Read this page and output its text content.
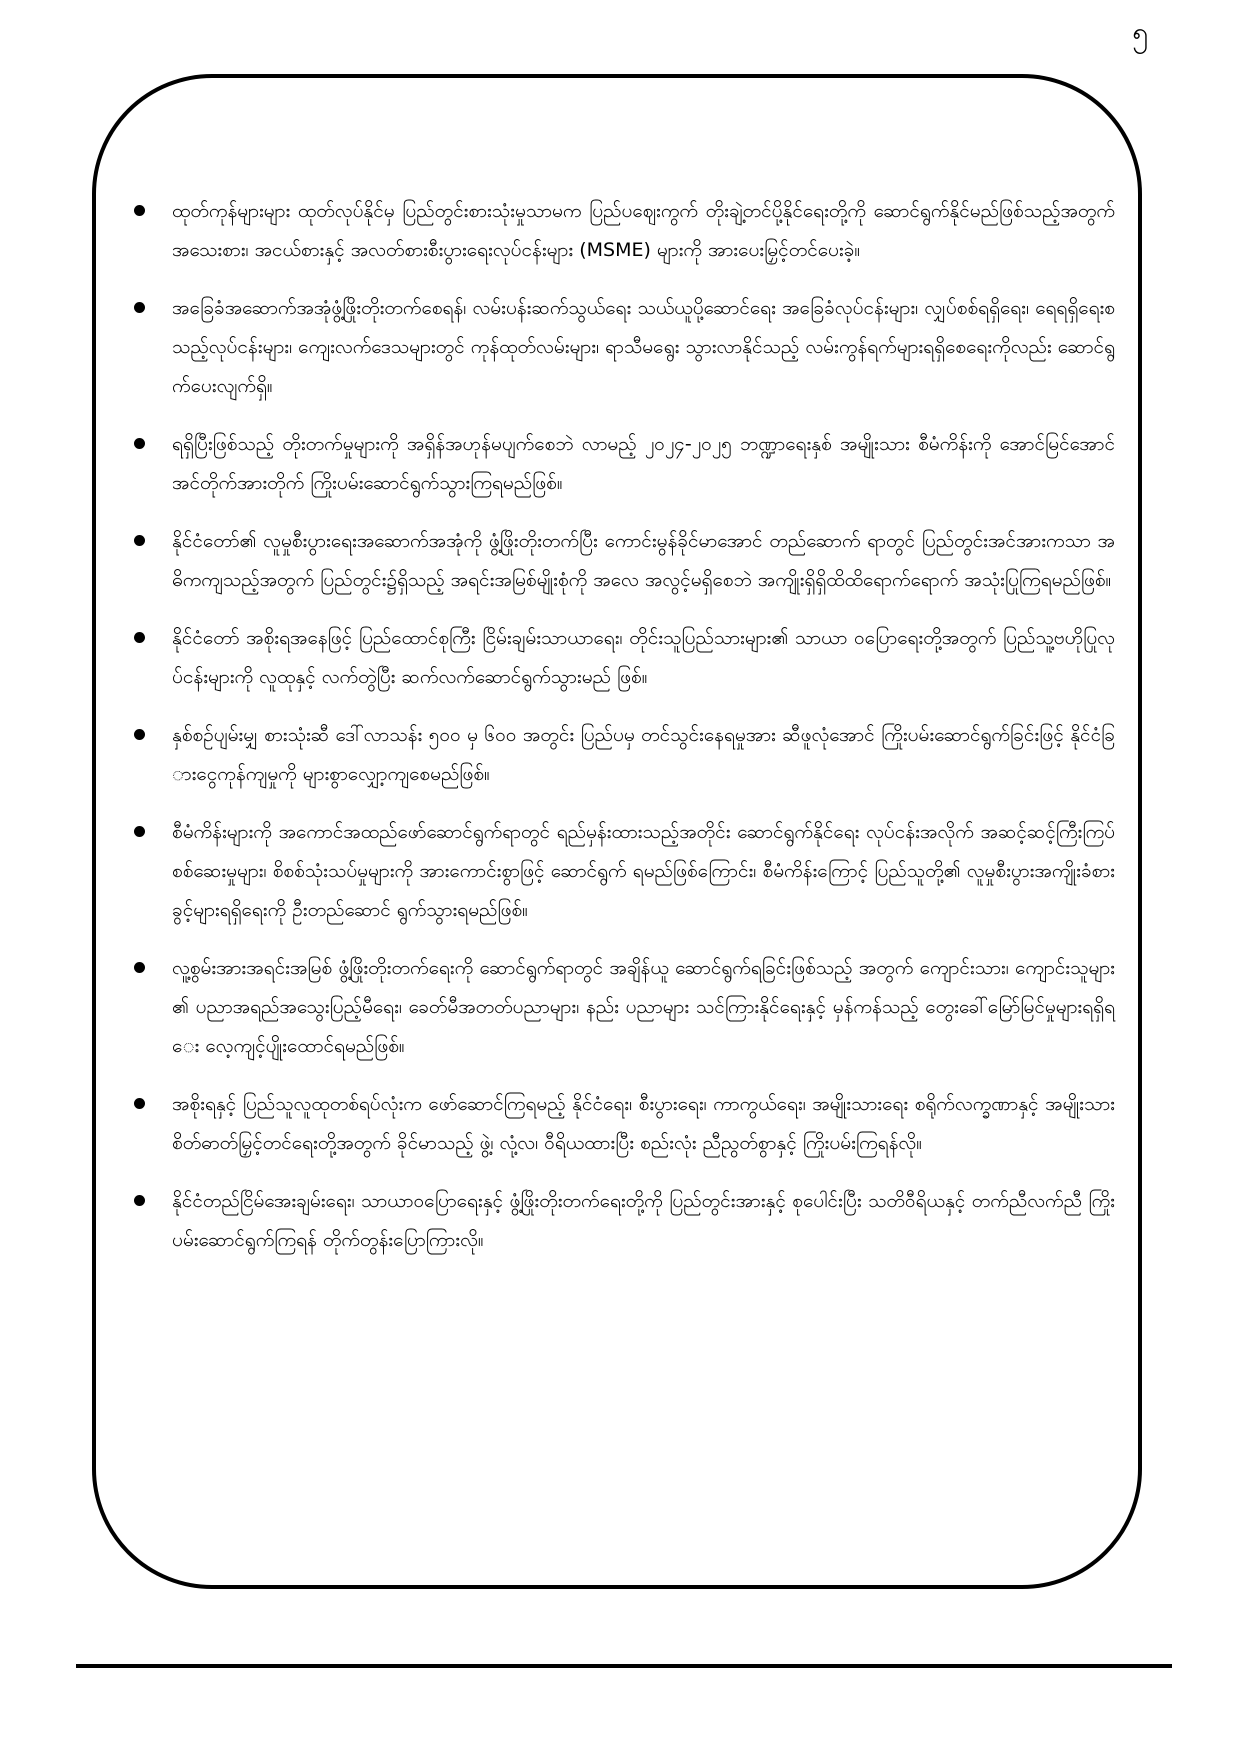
၅
ထုတ်ကုန်များများ ထုတ်လုပ်နိုင်မှ ပြည်တွင်းစားသုံးမှုသာမက ပြည်ပဈေးကွက် တိုးချဲ့တင်ပို့နိုင်ရေးတို့ကို ဆောင်ရွက်နိုင်မည်ဖြစ်သည့်အတွက် အသေးစား၊ အငယ်စားနှင့် အလတ်စားစီးပွားရေးလုပ်ငန်းများ (MSME) များကို အားပေးမြှင့်တင်ပေးခဲ့။
အခြေခံအဆောက်အအုံဖွံ့ဖြိုးတိုးတက်စေရန်၊ လမ်းပန်းဆက်သွယ်ရေး သယ်ယူပို့ဆောင်ရေး အခြေခံလုပ်ငန်းများ၊ လျှပ်စစ်ရရှိရေး၊ ရေရရှိရေးစသည့်လုပ်ငန်းများ၊ ကျေးလက်ဒေသများတွင် ကုန်ထုတ်လမ်းများ၊ ရာသီမရွေး သွားလာနိုင်သည့် လမ်းကွန်ရက်များရရှိစေရေးကိုလည်း ဆောင်ရွက်ပေးလျက်ရှိ။
ရရှိပြီးဖြစ်သည့် တိုးတက်မှုများကို အရှိန်အဟုန်မပျက်စေဘဲ လာမည့် ၂၀၂၄-၂၀၂၅ ဘဏ္ဍာရေးနှစ် အမျိုးသား စီမံကိန်းကို အောင်မြင်အောင် အင်တိုက်အားတိုက် ကြိုးပမ်းဆောင်ရွက်သွားကြရမည်ဖြစ်။
နိုင်ငံတော်၏ လူမှုစီးပွားရေးအဆောက်အအုံကို ဖွံ့ဖြိုးတိုးတက်ပြီး ကောင်းမွန်ခိုင်မာအောင် တည်ဆောက် ရာတွင် ပြည်တွင်းအင်အားကသာ အဓိကကျသည့်အတွက် ပြည်တွင်း၌ရှိသည့် အရင်းအမြစ်မျိုးစုံကို အလေ အလွင့်မရှိစေဘဲ အကျိုးရှိရှိထိထိရောက်ရောက် အသုံးပြုကြရမည်ဖြစ်။
နိုင်ငံတော် အစိုးရအနေဖြင့် ပြည်ထောင်စုကြီး ငြိမ်းချမ်းသာယာရေး၊ တိုင်းသူပြည်သားများ၏ သာယာ ဝပြောရေးတို့အတွက် ပြည်သူ့ဗဟိုပြုလုပ်ငန်းများကို လူထုနှင့် လက်တွဲပြီး ဆက်လက်ဆောင်ရွက်သွားမည် ဖြစ်။
နှစ်စဉ်ပျမ်းမျှ စားသုံးဆီ ဒေါ်လာသန်း ၅၀၀ မှ ၆၀၀ အတွင်း ပြည်ပမှ တင်သွင်းနေရမှုအား ဆီဖူလုံအောင် ကြိုးပမ်းဆောင်ရွက်ခြင်းဖြင့် နိုင်ငံခြားငွေကုန်ကျမှုကို များစွာလျှော့ကျစေမည်ဖြစ်။
စီမံကိန်းများကို အကောင်အထည်ဖော်ဆောင်ရွက်ရာတွင် ရည်မှန်းထားသည့်အတိုင်း ဆောင်ရွက်နိုင်ရေး လုပ်ငန်းအလိုက် အဆင့်ဆင့်ကြီးကြပ်စစ်ဆေးမှုများ၊ စိစစ်သုံးသပ်မှုများကို အားကောင်းစွာဖြင့် ဆောင်ရွက် ရမည်ဖြစ်ကြောင်း၊ စီမံကိန်းကြောင့် ပြည်သူတို့၏ လူမှုစီးပွားအကျိုးခံစားခွင့်များရရှိရေးကို ဦးတည်ဆောင် ရွက်သွားရမည်ဖြစ်။
လူ့စွမ်းအားအရင်းအမြစ် ဖွံ့ဖြိုးတိုးတက်ရေးကို ဆောင်ရွက်ရာတွင် အချိန်ယူ ဆောင်ရွက်ရခြင်းဖြစ်သည့် အတွက် ကျောင်းသား၊ ကျောင်းသူများ၏ ပညာအရည်အသွေးပြည့်မီရေး၊ ခေတ်မီအတတ်ပညာများ၊ နည်း ပညာများ သင်ကြားနိုင်ရေးနှင့် မှန်ကန်သည့် တွေးခေါ်မြော်မြင်မှုများရရှိရေး လေ့ကျင့်ပျိုးထောင်ရမည်ဖြစ်။
အစိုးရနှင့် ပြည်သူလူထုတစ်ရပ်လုံးက ဖော်ဆောင်ကြရမည့် နိုင်ငံရေး၊ စီးပွားရေး၊ ကာကွယ်ရေး၊ အမျိုးသားရေး စရိုက်လက္ခဏာနှင့် အမျိုးသားစိတ်ဓာတ်မြှင့်တင်ရေးတို့အတွက် ခိုင်မာသည့် ဖွဲ့၊ လုံ့လ၊ ဝီရိယထားပြီး စည်းလုံး ညီညွတ်စွာနှင့် ကြိုးပမ်းကြရန်လို။
နိုင်ငံတည်ငြိမ်အေးချမ်းရေး၊ သာယာဝပြောရေးနှင့် ဖွံ့ဖြိုးတိုးတက်ရေးတို့ကို ပြည်တွင်းအားနှင့် စုပေါင်းပြီး သတိဝီရိယနှင့် တက်ညီလက်ညီ ကြိုးပမ်းဆောင်ရွက်ကြရန် တိုက်တွန်းပြောကြားလို။
